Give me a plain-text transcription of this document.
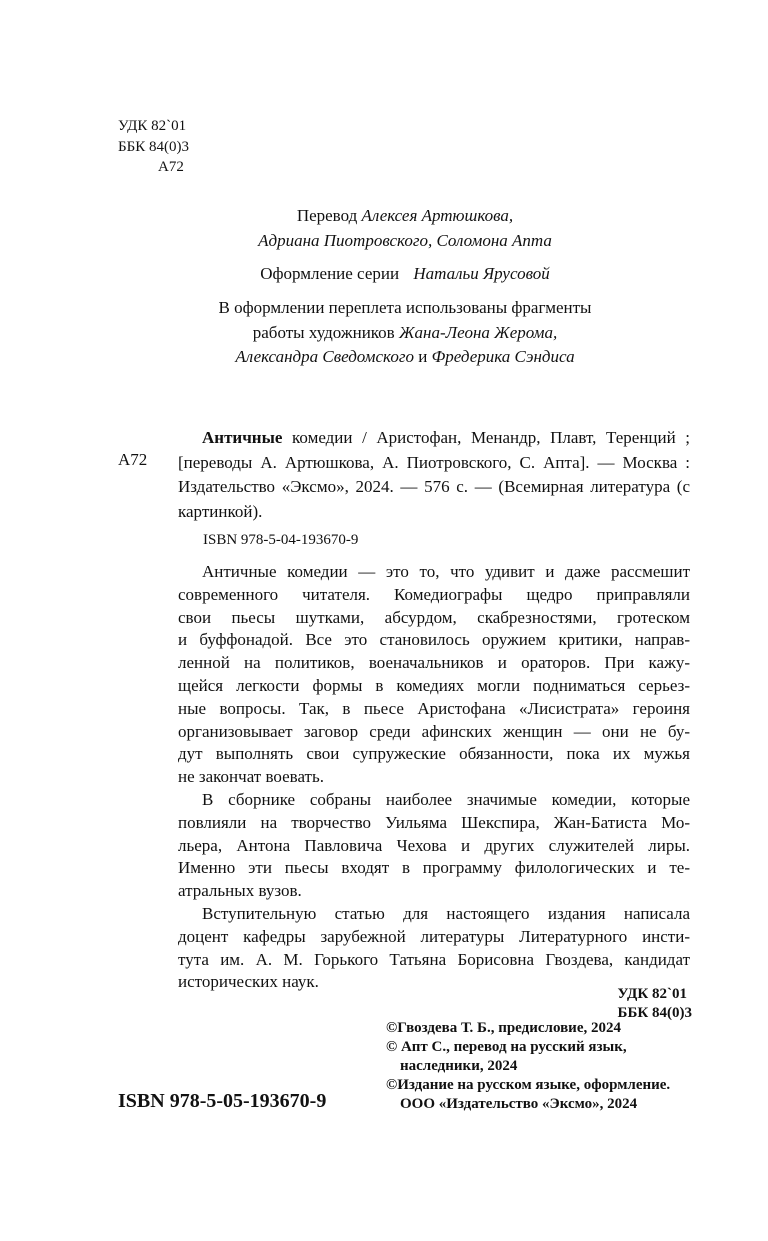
УДК 82`01
ББК 84(0)3
А72
Перевод Алексея Артюшкова,
Адриана Пиотровского, Соломона Апта
Оформление серии Натальи Ярусовой
В оформлении переплета использованы фрагменты
работы художников Жана-Леона Жерома,
Александра Сведомского и Фредерика Сэндиса
А72

Античные комедии / Аристофан, Менандр, Плавт, Теренций ; [переводы А. Артюшкова, А. Пиотровского, С. Апта]. — Москва : Издательство «Эксмо», 2024. — 576 с. — (Всемирная литература (с картинкой).

ISBN 978-5-04-193670-9

Античные комедии — это то, что удивит и даже рассмешит
современного читателя. Комедиографы щедро приправляли
свои пьесы шутками, абсурдом, скабрезностями, гротеском
и буффонадой. Все это становилось оружием критики, направ-
ленной на политиков, военачальников и ораторов. При кажу-
щейся легкости формы в комедиях могли подниматься серьез-
ные вопросы. Так, в пьесе Аристофана «Лисистрата» героиня
организовывает заговор среди афинских женщин — они не бу-
дут выполнять свои супружеские обязанности, пока их мужья
не закончат воевать.

В сборнике собраны наиболее значимые комедии, которые
повлияли на творчество Уильяма Шекспира, Жан-Батиста Мо-
льера, Антона Павловича Чехова и других служителей лиры.
Именно эти пьесы входят в программу филологических и те-
атральных вузов.

Вступительную статью для настоящего издания написала
доцент кафедры зарубежной литературы Литературного инсти-
тута им. А. М. Горького Татьяна Борисовна Гвоздева, кандидат
исторических наук.

УДК 82`01
ББК 84(0)3
©Гвоздева Т. Б., предисловие, 2024
© Апт С., перевод на русский язык,
наследники, 2024
©Издание на русском языке, оформление.
ООО «Издательство «Эксмо», 2024
ISBN 978-5-05-193670-9
